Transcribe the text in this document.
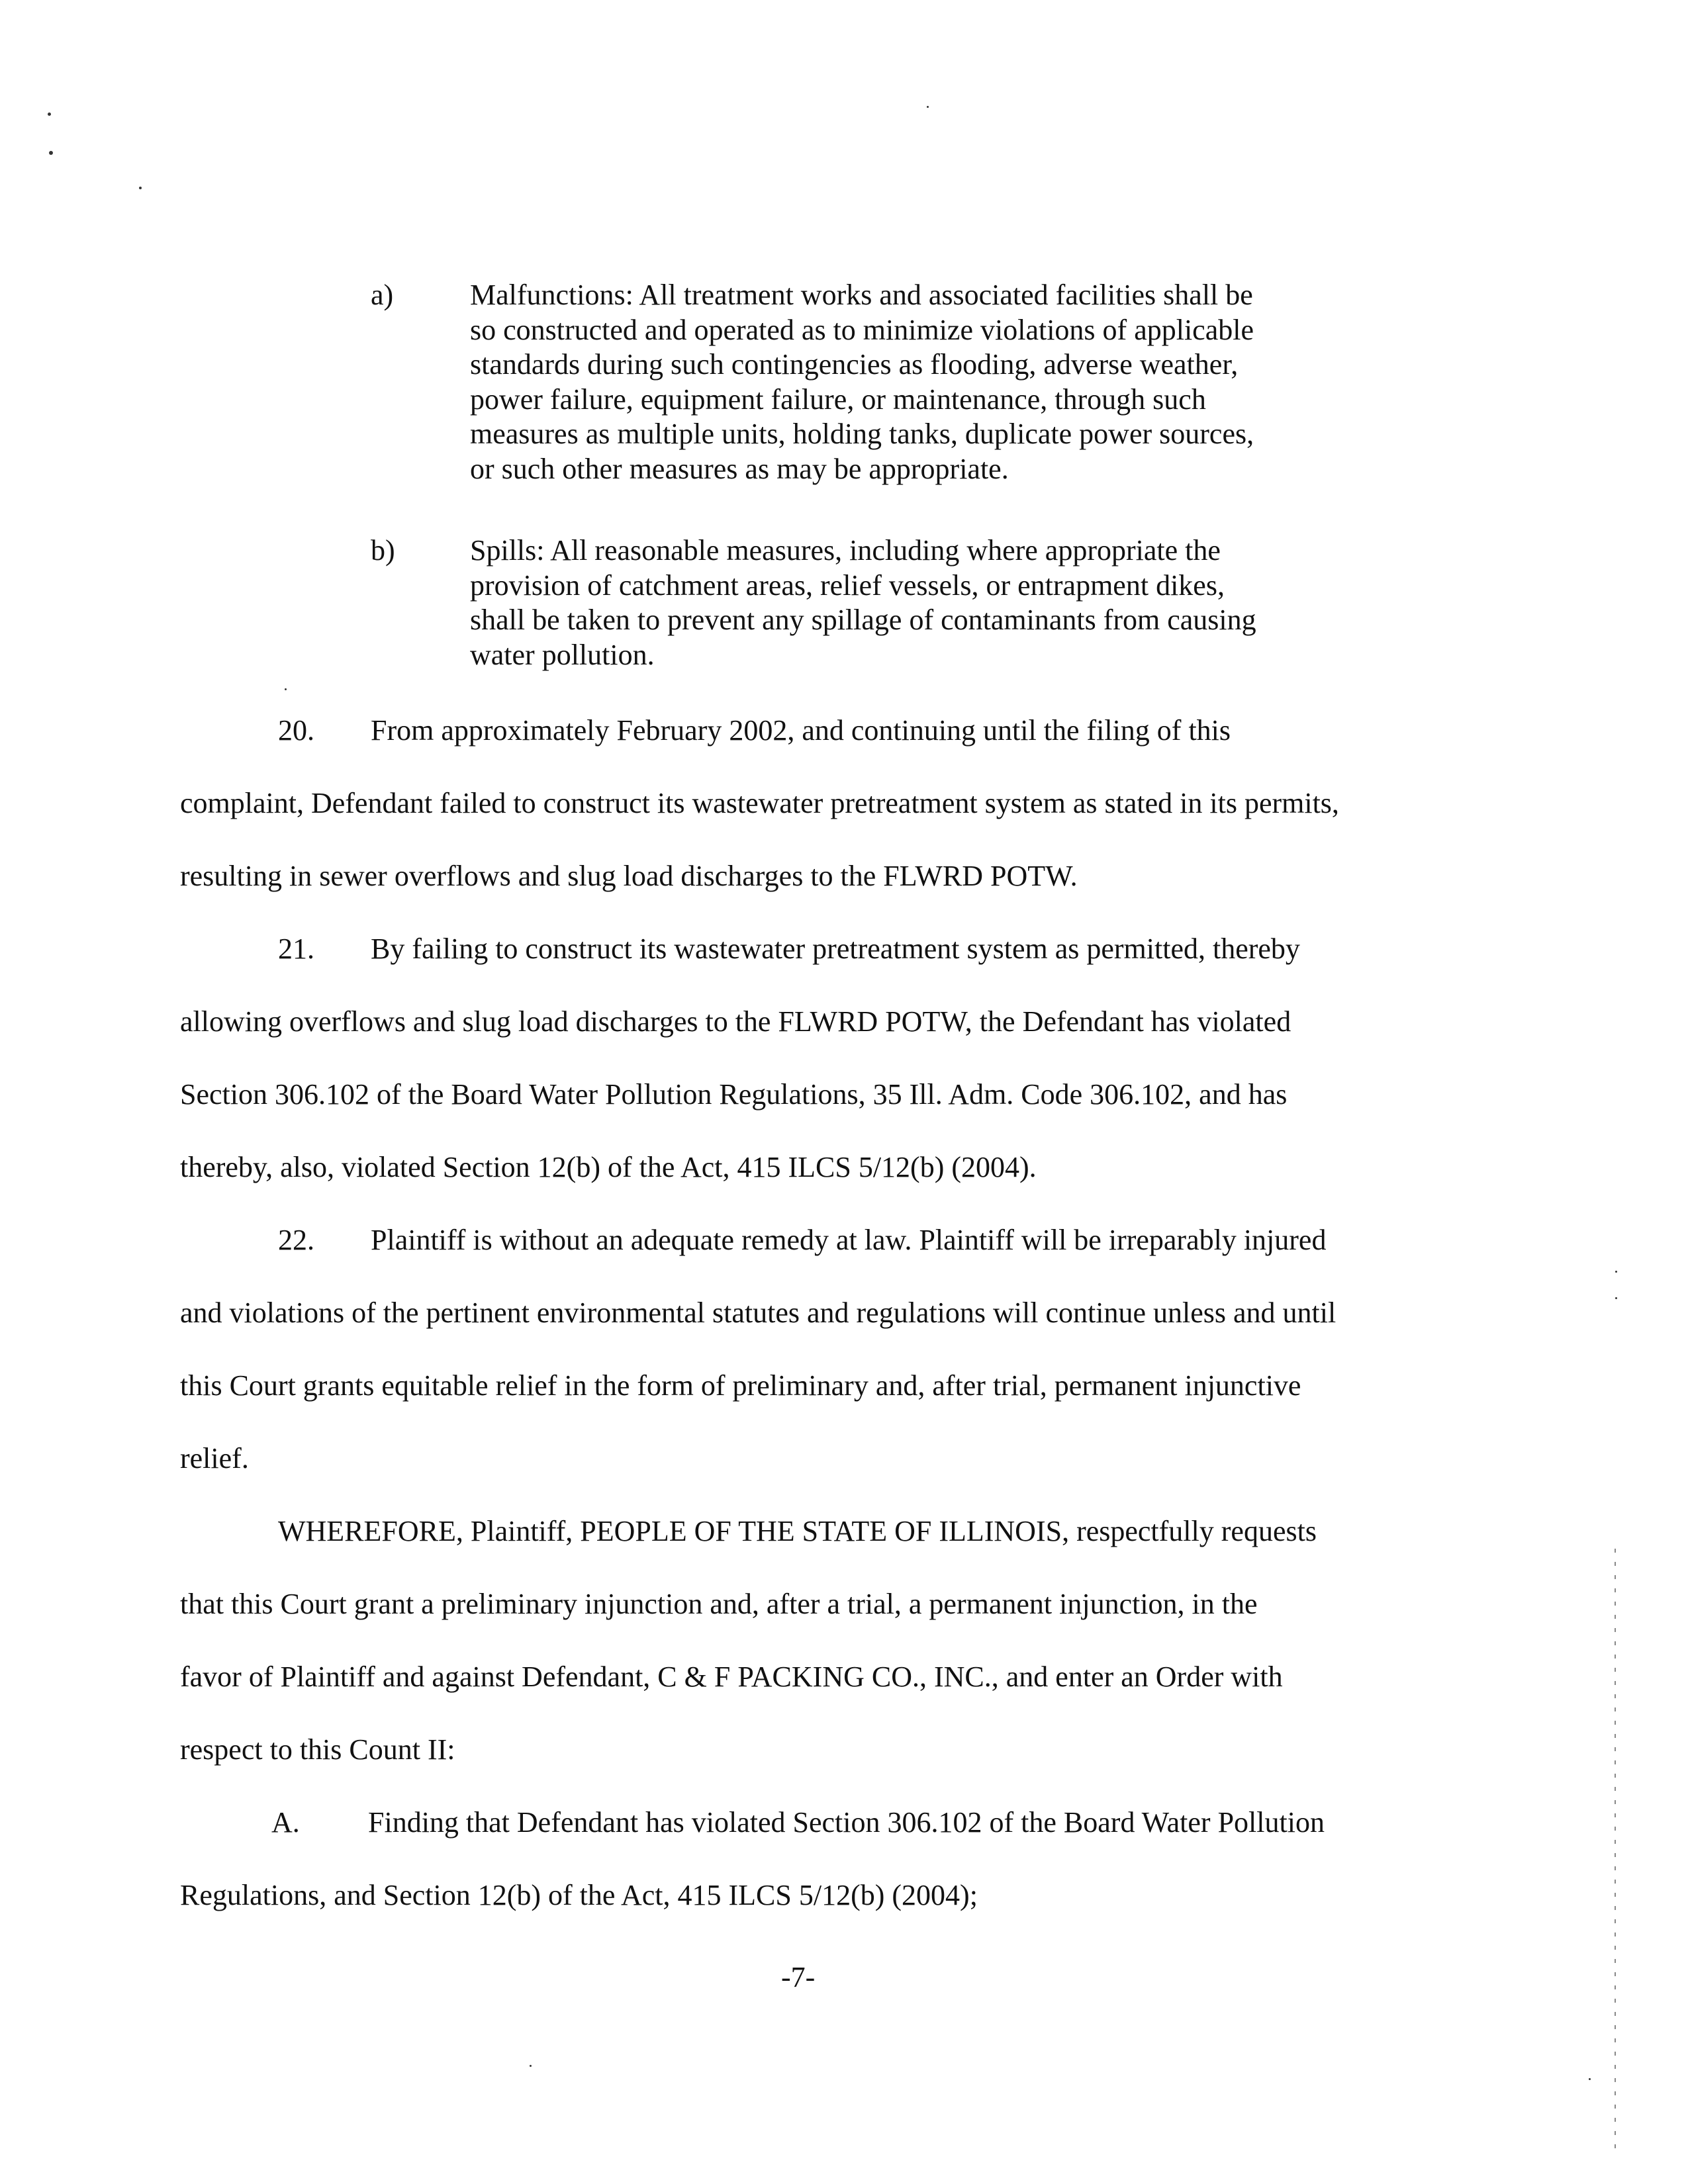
a)	Malfunctions: All treatment works and associated facilities shall be
so constructed and operated as to minimize violations of applicable
standards during such contingencies as flooding, adverse weather,
power failure, equipment failure, or maintenance, through such
measures as multiple units, holding tanks, duplicate power sources,
or such other measures as may be appropriate.
b)	Spills: All reasonable measures, including where appropriate the
provision of catchment areas, relief vessels, or entrapment dikes,
shall be taken to prevent any spillage of contaminants from causing
water pollution.
20. From approximately February 2002, and continuing until the filing of this
complaint, Defendant failed to construct its wastewater pretreatment system as stated in its permits,
resulting in sewer overflows and slug load discharges to the FLWRD POTW.
21. By failing to construct its wastewater pretreatment system as permitted, thereby
allowing overflows and slug load discharges to the FLWRD POTW, the Defendant has violated
Section 306.102 of the Board Water Pollution Regulations, 35 Ill. Adm. Code 306.102, and has
thereby, also, violated Section 12(b) of the Act, 415 ILCS 5/12(b) (2004).
22. Plaintiff is without an adequate remedy at law. Plaintiff will be irreparably injured
and violations of the pertinent environmental statutes and regulations will continue unless and until
this Court grants equitable relief in the form of preliminary and, after trial, permanent injunctive
relief.
WHEREFORE, Plaintiff, PEOPLE OF THE STATE OF ILLINOIS, respectfully requests
that this Court grant a preliminary injunction and, after a trial, a permanent injunction, in the
favor of Plaintiff and against Defendant, C & F PACKING CO., INC., and enter an Order with
respect to this Count II:
A. Finding that Defendant has violated Section 306.102 of the Board Water Pollution
Regulations, and Section 12(b) of the Act, 415 ILCS 5/12(b) (2004);
-7-
